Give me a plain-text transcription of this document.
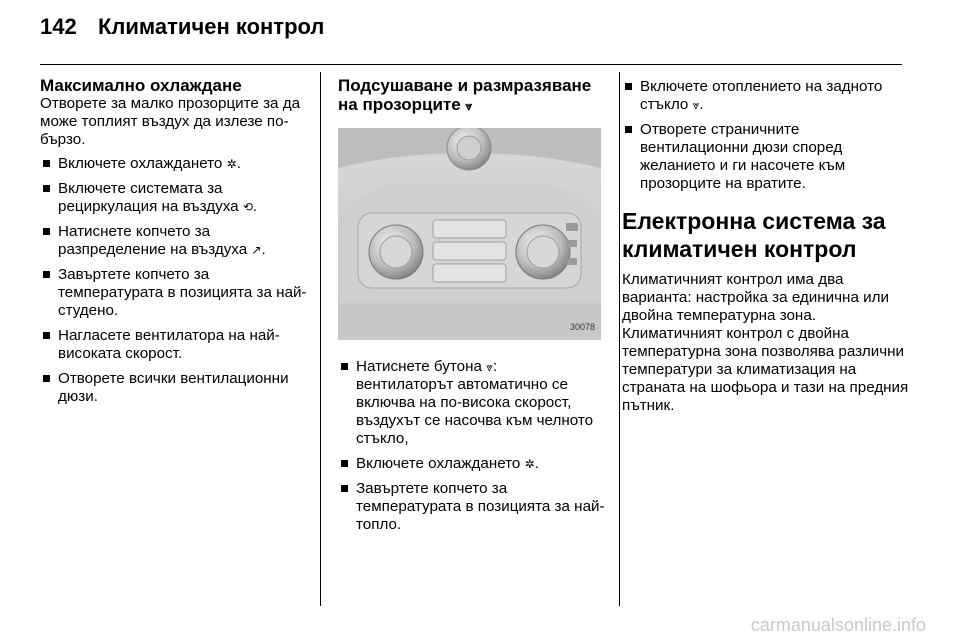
142 Климатичен контрол
Максимално охлаждане

Отворете за малко прозорците за да може топлият въздух да излезе по-бързо.

Включете охлаждането ✲.
Включете системата за рециркулация на въздуха ⟲.
Натиснете копчето за разпределение на въздуха ↗.
Завъртете копчето за температурата в позицията за най-студено.
Нагласете вентилатора на най-високата скорост.
Отворете всички вентилационни дюзи.
Подсушаване и размразяване на прозорците ⩔
30078
Натиснете бутона ⩔:
вентилаторът автоматично се включва на по-висока скорост, въздухът се насочва към челното стъкло,
Включете охлаждането ✲.
Завъртете копчето за температурата в позицията за най-топло.
Включете отоплението на задното стъкло ⩔.
Отворете страничните вентилационни дюзи според желанието и ги насочете към прозорците на вратите.
Електронна система за климатичен контрол

Климатичният контрол има два варианта: настройка за единична или двойна температурна зона. Климатичният контрол с двойна температурна зона позволява различни температури за климатизация на страната на шофьора и тази на предния пътник.

carmanualsonline.info
